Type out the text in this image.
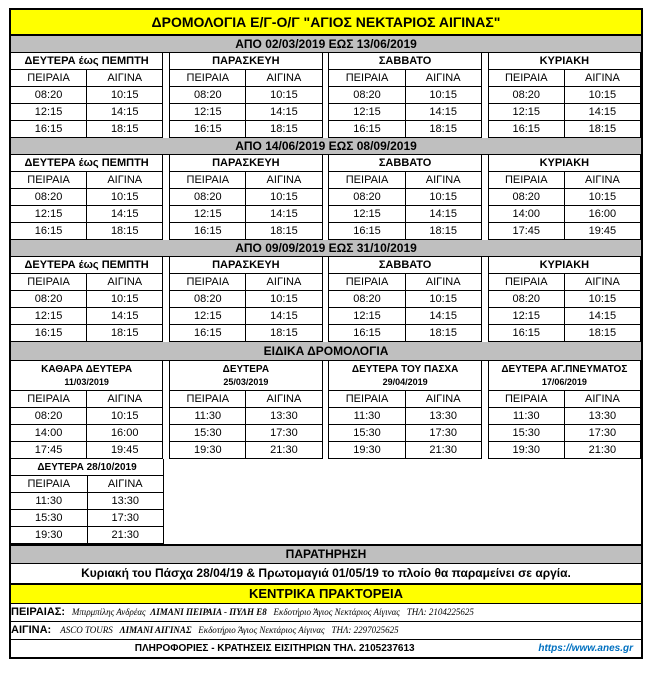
ΔΡΟΜΟΛΟΓΙΑ Ε/Γ-Ο/Γ "ΑΓΙΟΣ ΝΕΚΤΑΡΙΟΣ ΑΙΓΙΝΑΣ"
ΑΠΟ 02/03/2019 ΕΩΣ 13/06/2019
ΔΕΥΤΕΡΑ έως ΠΕΜΠΤΗ
ΠΕΙΡΑΙΑ	ΑΙΓΙΝΑ
08:20	10:15
12:15	14:15
16:15	18:15
ΠΑΡΑΣΚΕΥΗ
ΠΕΙΡΑΙΑ	ΑΙΓΙΝΑ
08:20	10:15
12:15	14:15
16:15	18:15
ΣΑΒΒΑΤΟ
ΠΕΙΡΑΙΑ	ΑΙΓΙΝΑ
08:20	10:15
12:15	14:15
16:15	18:15
ΚΥΡΙΑΚΗ
ΠΕΙΡΑΙΑ	ΑΙΓΙΝΑ
08:20	10:15
12:15	14:15
16:15	18:15
ΑΠΟ 14/06/2019 ΕΩΣ 08/09/2019
ΔΕΥΤΕΡΑ έως ΠΕΜΠΤΗ
ΠΕΙΡΑΙΑ	ΑΙΓΙΝΑ
08:20	10:15
12:15	14:15
16:15	18:15
ΠΑΡΑΣΚΕΥΗ
ΠΕΙΡΑΙΑ	ΑΙΓΙΝΑ
08:20	10:15
12:15	14:15
16:15	18:15
ΣΑΒΒΑΤΟ
ΠΕΙΡΑΙΑ	ΑΙΓΙΝΑ
08:20	10:15
12:15	14:15
16:15	18:15
ΚΥΡΙΑΚΗ
ΠΕΙΡΑΙΑ	ΑΙΓΙΝΑ
08:20	10:15
14:00	16:00
17:45	19:45
ΑΠΟ 09/09/2019 ΕΩΣ 31/10/2019
ΔΕΥΤΕΡΑ έως ΠΕΜΠΤΗ
ΠΕΙΡΑΙΑ	ΑΙΓΙΝΑ
08:20	10:15
12:15	14:15
16:15	18:15
ΠΑΡΑΣΚΕΥΗ
ΠΕΙΡΑΙΑ	ΑΙΓΙΝΑ
08:20	10:15
12:15	14:15
16:15	18:15
ΣΑΒΒΑΤΟ
ΠΕΙΡΑΙΑ	ΑΙΓΙΝΑ
08:20	10:15
12:15	14:15
16:15	18:15
ΚΥΡΙΑΚΗ
ΠΕΙΡΑΙΑ	ΑΙΓΙΝΑ
08:20	10:15
12:15	14:15
16:15	18:15
ΕΙΔΙΚΑ ΔΡΟΜΟΛΟΓΙΑ
ΚΑΘΑΡΑ ΔΕΥΤΕΡΑ
11/03/2019
ΠΕΙΡΑΙΑ	ΑΙΓΙΝΑ
08:20	10:15
14:00	16:00
17:45	19:45
ΔΕΥΤΕΡΑ
25/03/2019
ΠΕΙΡΑΙΑ	ΑΙΓΙΝΑ
11:30	13:30
15:30	17:30
19:30	21:30
ΔΕΥΤΕΡΑ ΤΟΥ ΠΑΣΧΑ
29/04/2019
ΠΕΙΡΑΙΑ	ΑΙΓΙΝΑ
11:30	13:30
15:30	17:30
19:30	21:30
ΔΕΥΤΕΡΑ ΑΓ.ΠΝΕΥΜΑΤΟΣ
17/06/2019
ΠΕΙΡΑΙΑ	ΑΙΓΙΝΑ
11:30	13:30
15:30	17:30
19:30	21:30
ΔΕΥΤΕΡΑ 28/10/2019
ΠΕΙΡΑΙΑ	ΑΙΓΙΝΑ
11:30	13:30
15:30	17:30
19:30	21:30
ΠΑΡΑΤΗΡΗΣΗ
Κυριακή του Πάσχα 28/04/19 & Πρωτομαγιά 01/05/19 το πλοίο θα παραμείνει σε αργία.
ΚΕΝΤΡΙΚΑ ΠΡΑΚΤΟΡΕΙΑ
ΠΕΙΡΑΙΑΣ: Μπιρμπίλης Ανδρέας ΛΙΜΑΝΙ ΠΕΙΡΑΙΑ - ΠΥΛΗ Ε8 Εκδοτήριο Άγιος Νεκτάριος Αίγινας ΤΗΛ: 2104225625
ΑΙΓΙΝΑ: ASCO TOURS ΛΙΜΑΝΙ ΑΙΓΙΝΑΣ Εκδοτήριο Άγιος Νεκτάριος Αίγινας ΤΗΛ: 2297025625
ΠΛΗΡΟΦΟΡΙΕΣ - ΚΡΑΤΗΣΕΙΣ ΕΙΣΙΤΗΡΙΩΝ ΤΗΛ. 2105237613	https://www.anes.gr
